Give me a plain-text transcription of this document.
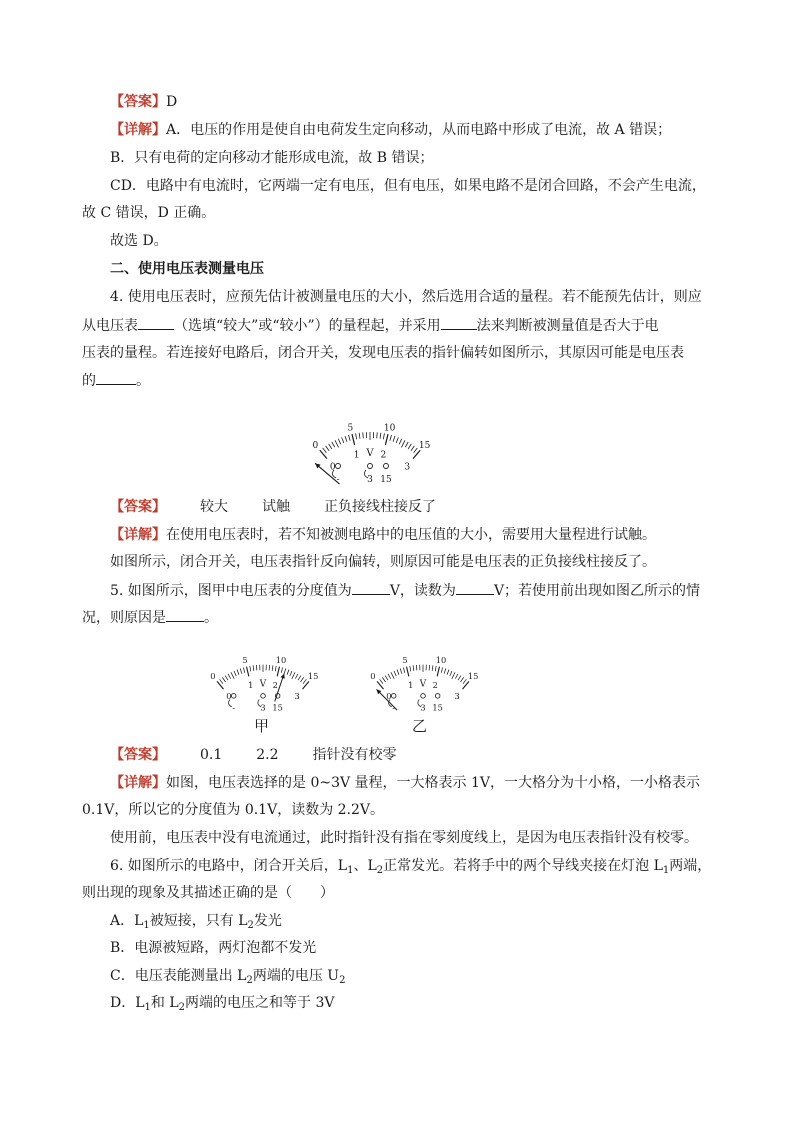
【答案】D
【详解】A．电压的作用是使自由电荷发生定向移动，从而电路中形成了电流，故 A 错误；
B．只有电荷的定向移动才能形成电流，故 B 错误；
CD．电路中有电流时，它两端一定有电压，但有电压，如果电路不是闭合回路，不会产生电流，
故 C 错误，D 正确。
故选 D。
二、使用电压表测量电压
4. 使用电压表时，应预先估计被测量电压的大小，然后选用合适的量程。若不能预先估计，则应
从电压表	（选填“较大”或“较小”）的量程起，并采用	法来判断被测量值是否大于电
压表的量程。若连接好电路后，闭合开关，发现电压表的指针偏转如图所示，其原因可能是电压表
的	。
0
5	10
15
0
1 2
3
V
-	3 15
【答案】 较大 试触 正负接线柱接反了
【详解】在使用电压表时，若不知被测电路中的电压值的大小，需要用大量程进行试触。
如图所示，闭合开关，电压表指针反向偏转，则原因可能是电压表的正负接线柱接反了。
5. 如图所示，图甲中电压表的分度值为	V，读数为	V；若使用前出现如图乙所示的情
况，则原因是	。
0
5	10
15
0
1 2
3
V
-	3 15
甲
0
5	10
15
0
1 2
3
V
-	3 15
乙
【答案】 0.1 2.2 指针没有校零
【详解】如图，电压表选择的是 0~3V 量程，一大格表示 1V，一大格分为十小格，一小格表示
0.1V，所以它的分度值为 0.1V，读数为 2.2V。
使用前，电压表中没有电流通过，此时指针没有指在零刻度线上，是因为电压表指针没有校零。
6. 如图所示的电路中，闭合开关后，$L_1$、$L_2$正常发光。若将手中的两个导线夹接在灯泡 $L_1$两端，
则出现的现象及其描述正确的是（　　）
A．$L_1$被短接，只有 $L_2$发光
B．电源被短路，两灯泡都不发光
C．电压表能测量出 $L_2$两端的电压 $U_2$
D．$L_1$和 $L_2$两端的电压之和等于 3V
